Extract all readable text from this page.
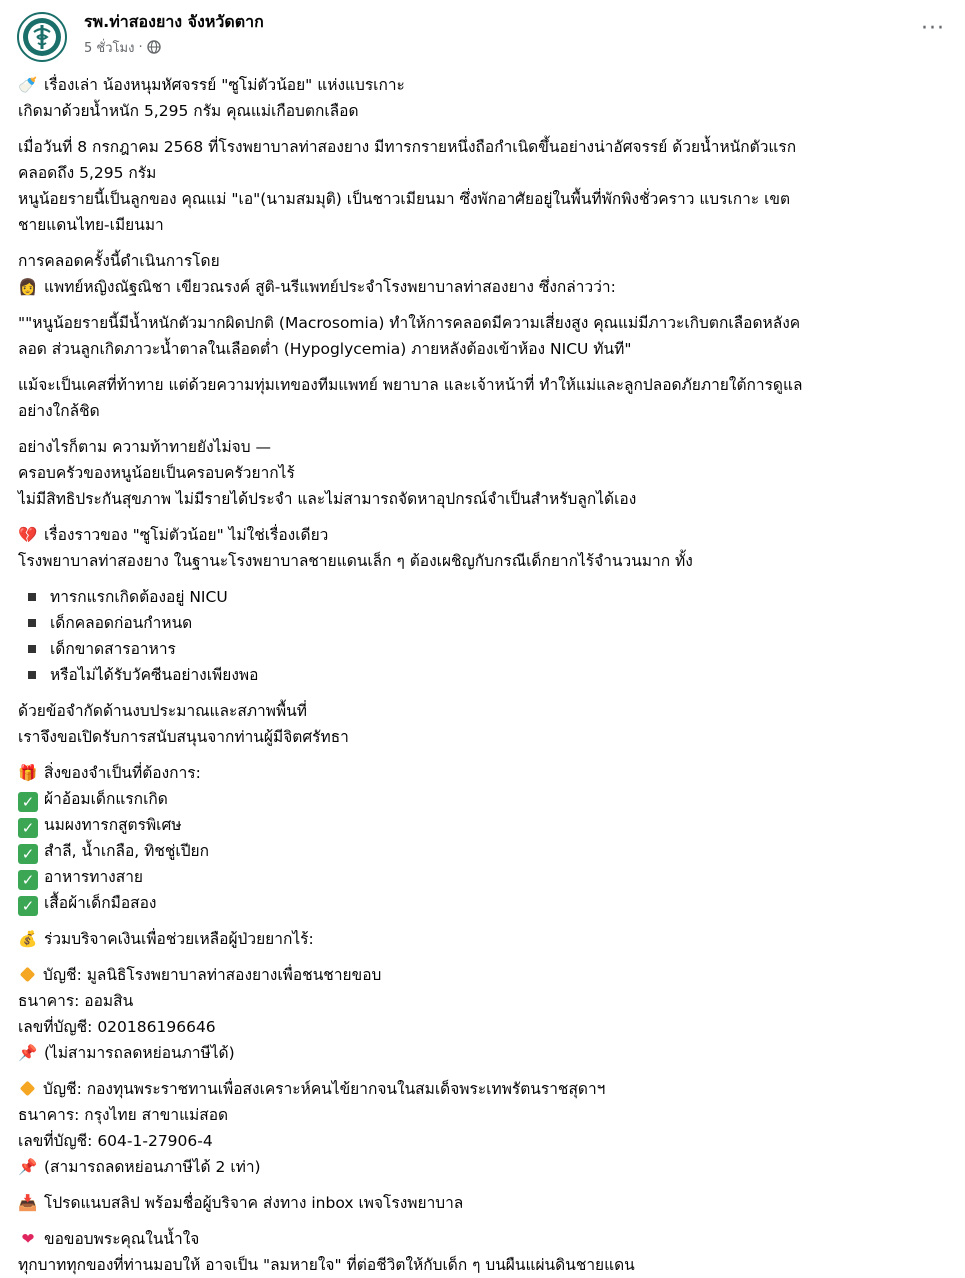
รพ.ท่าสองยาง จังหวัดตาก
5 ชั่วโมง ·
···
🍼 เรื่องเล่า น้องหนุมหัศจรรย์ "ซูโม่ตัวน้อย" แห่งแบรเกาะ
เกิดมาด้วยน้ำหนัก 5,295 กรัม คุณแม่เกือบตกเลือด
เมื่อวันที่ 8 กรกฎาคม 2568 ที่โรงพยาบาลท่าสองยาง มีทารกรายหนึ่งถือกำเนิดขึ้นอย่างน่าอัศจรรย์ ด้วยน้ำหนักตัวแรก
คลอดถึง 5,295 กรัม
หนูน้อยรายนี้เป็นลูกของ คุณแม่ "เอ"(นามสมมุติ) เป็นชาวเมียนมา ซึ่งพักอาศัยอยู่ในพื้นที่พักพิงชั่วคราว แบรเกาะ เขต
ชายแดนไทย-เมียนมา
การคลอดครั้งนี้ดำเนินการโดย
👩 แพทย์หญิงณัฐณิชา เขียวณรงค์ สูติ-นรีแพทย์ประจำโรงพยาบาลท่าสองยาง ซึ่งกล่าวว่า:
""หนูน้อยรายนี้มีน้ำหนักตัวมากผิดปกติ (Macrosomia) ทำให้การคลอดมีความเสี่ยงสูง คุณแม่มีภาวะเกิบตกเลือดหลังค
ลอด ส่วนลูกเกิดภาวะน้ำตาลในเลือดต่ำ (Hypoglycemia) ภายหลังต้องเข้าห้อง NICU ทันที"
แม้จะเป็นเคสที่ท้าทาย แต่ด้วยความทุ่มเทของทีมแพทย์ พยาบาล และเจ้าหน้าที่ ทำให้แม่และลูกปลอดภัยภายใต้การดูแล
อย่างใกล้ชิด
อย่างไรก็ตาม ความท้าทายยังไม่จบ —
ครอบครัวของหนูน้อยเป็นครอบครัวยากไร้
ไม่มีสิทธิประกันสุขภาพ ไม่มีรายได้ประจำ และไม่สามารถจัดหาอุปกรณ์จำเป็นสำหรับลูกได้เอง
💔 เรื่องราวของ "ซูโม่ตัวน้อย" ไม่ใช่เรื่องเดียว
โรงพยาบาลท่าสองยาง ในฐานะโรงพยาบาลชายแดนเล็ก ๆ ต้องเผชิญกับกรณีเด็กยากไร้จำนวนมาก ทั้ง
ทารกแรกเกิดต้องอยู่ NICU
เด็กคลอดก่อนกำหนด
เด็กขาดสารอาหาร
หรือไม่ได้รับวัคซีนอย่างเพียงพอ
ด้วยข้อจำกัดด้านงบประมาณและสภาพพื้นที่
เราจึงขอเปิดรับการสนับสนุนจากท่านผู้มีจิตศรัทธา
🎁 สิ่งของจำเป็นที่ต้องการ:
✓ ผ้าอ้อมเด็กแรกเกิด
✓ นมผงทารกสูตรพิเศษ
✓ สำลี, น้ำเกลือ, ทิชชู่เปียก
✓ อาหารทางสาย
✓ เสื้อผ้าเด็กมือสอง
💰 ร่วมบริจาคเงินเพื่อช่วยเหลือผู้ป่วยยากไร้:
บัญชี: มูลนิธิโรงพยาบาลท่าสองยางเพื่อชนชายขอบ
ธนาคาร: ออมสิน
เลขที่บัญชี: 020186196646
📌 (ไม่สามารถลดหย่อนภาษีได้)
บัญชี: กองทุนพระราชทานเพื่อสงเคราะห์คนไข้ยากจนในสมเด็จพระเทพรัตนราชสุดาฯ
ธนาคาร: กรุงไทย สาขาแม่สอด
เลขที่บัญชี: 604-1-27906-4
📌 (สามารถลดหย่อนภาษีได้ 2 เท่า)
📥 โปรดแนบสลิป พร้อมชื่อผู้บริจาค ส่งทาง inbox เพจโรงพยาบาล
❤ ขอขอบพระคุณในน้ำใจ
ทุกบาททุกของที่ท่านมอบให้ อาจเป็น "ลมหายใจ" ที่ต่อชีวิตให้กับเด็ก ๆ บนผืนแผ่นดินชายแดน
